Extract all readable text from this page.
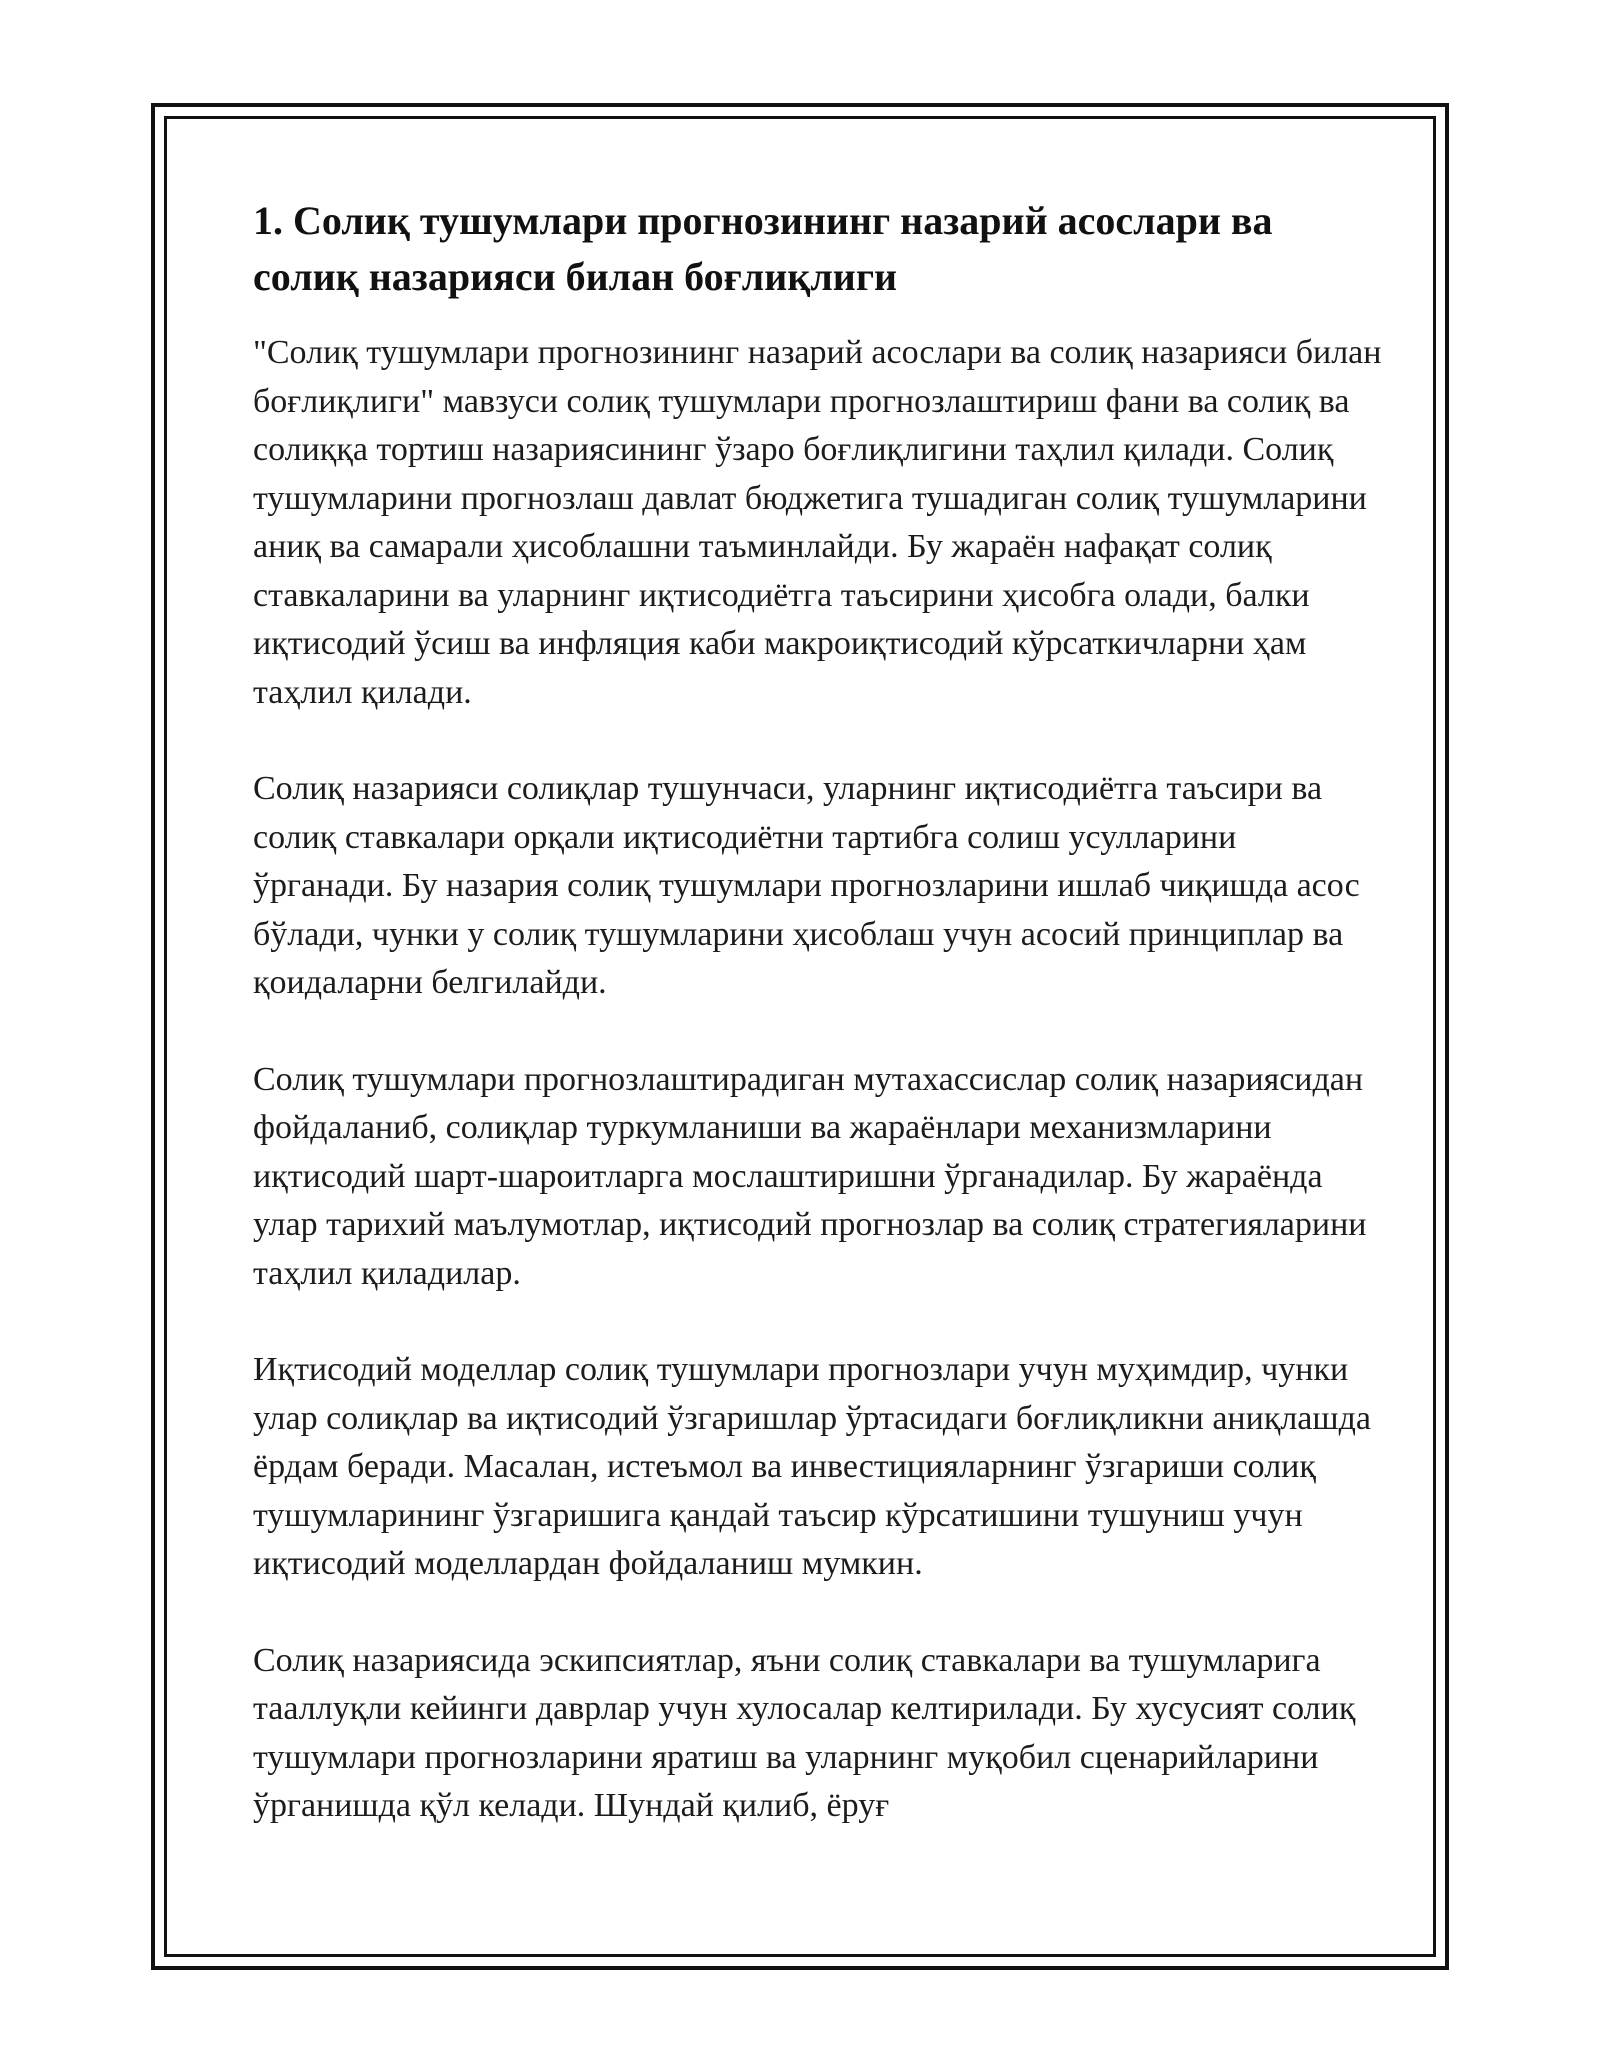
1. Солиқ тушумлари прогнозининг назарий асослари ва солиқ назарияси билан боғлиқлиги

"Солиқ тушумлари прогнозининг назарий асослари ва солиқ назарияси билан боғлиқлиги" мавзуси солиқ тушумлари прогнозлаштириш фани ва солиқ ва солиққа тортиш назариясининг ўзаро боғлиқлигини таҳлил қилади. Солиқ тушумларини прогнозлаш давлат бюджетига тушадиган солиқ тушумларини аниқ ва самарали ҳисоблашни таъминлайди. Бу жараён нафақат солиқ ставкаларини ва уларнинг иқтисодиётга таъсирини ҳисобга олади, балки иқтисодий ўсиш ва инфляция каби макроиқтисодий кўрсаткичларни ҳам таҳлил қилади.

Солиқ назарияси солиқлар тушунчаси, уларнинг иқтисодиётга таъсири ва солиқ ставкалари орқали иқтисодиётни тартибга солиш усулларини ўрганади. Бу назария солиқ тушумлари прогнозларини ишлаб чиқишда асос бўлади, чунки у солиқ тушумларини ҳисоблаш учун асосий принциплар ва қоидаларни белгилайди.

Солиқ тушумлари прогнозлаштирадиган мутахассислар солиқ назариясидан фойдаланиб, солиқлар туркумланиши ва жараёнлари механизмларини иқтисодий шарт-шароитларга мослаштиришни ўрганадилар. Бу жараёнда улар тарихий маълумотлар, иқтисодий прогнозлар ва солиқ стратегияларини таҳлил қиладилар.

Иқтисодий моделлар солиқ тушумлари прогнозлари учун муҳимдир, чунки улар солиқлар ва иқтисодий ўзгаришлар ўртасидаги боғлиқликни аниқлашда ёрдам беради. Масалан, истеъмол ва инвестицияларнинг ўзгариши солиқ тушумларининг ўзгаришига қандай таъсир кўрсатишини тушуниш учун иқтисодий моделлардан фойдаланиш мумкин.

Солиқ назариясида эскипсиятлар, яъни солиқ ставкалари ва тушумларига тааллуқли кейинги даврлар учун хулосалар келтирилади. Бу хусусият солиқ тушумлари прогнозларини яратиш ва уларнинг муқобил сценарийларини ўрганишда қўл келади. Шундай қилиб, ёруғ
